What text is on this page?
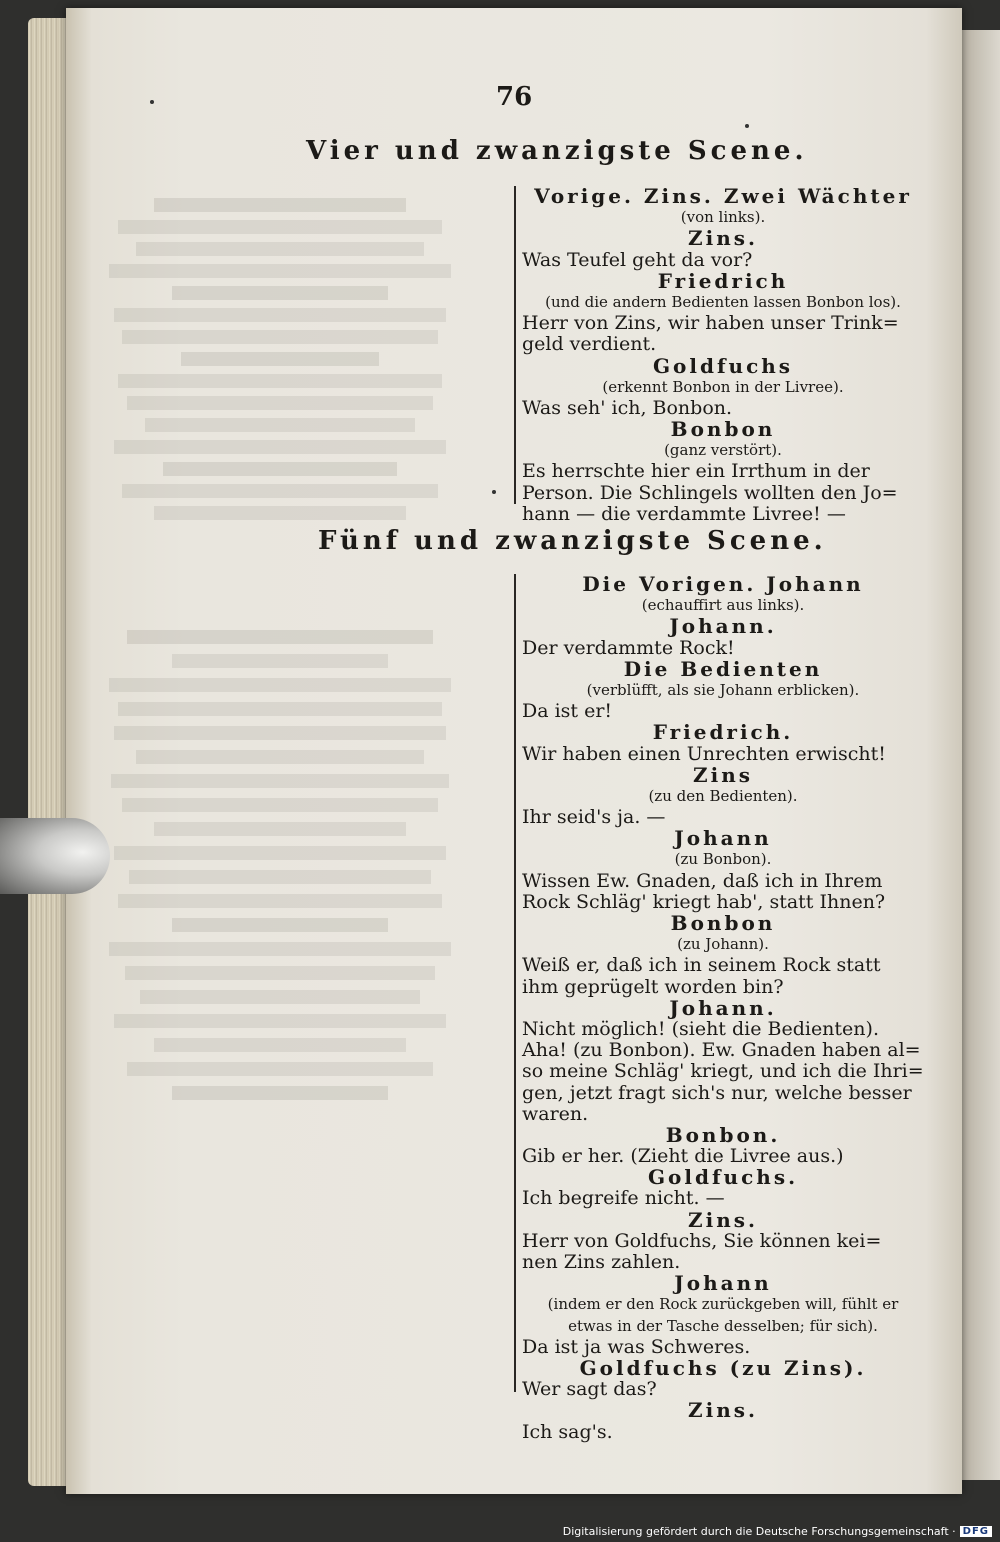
76
Vier und zwanzigste Scene.
Vorige. Zins. Zwei Wächter
(von links).
Zins.
Was Teufel geht da vor?
Friedrich
(und die andern Bedienten lassen Bonbon los).
Herr von Zins, wir haben unser Trink=
geld verdient.
Goldfuchs
(erkennt Bonbon in der Livree).
Was seh' ich, Bonbon.
Bonbon
(ganz verstört).
Es herrschte hier ein Irrthum in der
Person. Die Schlingels wollten den Jo=
hann — die verdammte Livree! —
Fünf und zwanzigste Scene.
Die Vorigen. Johann
(echauffirt aus links).
Johann.
Der verdammte Rock!
Die Bedienten
(verblüfft, als sie Johann erblicken).
Da ist er!
Friedrich.
Wir haben einen Unrechten erwischt!
Zins
(zu den Bedienten).
Ihr seid's ja. —
Johann
(zu Bonbon).
Wissen Ew. Gnaden, daß ich in Ihrem
Rock Schläg' kriegt hab', statt Ihnen?
Bonbon
(zu Johann).
Weiß er, daß ich in seinem Rock statt
ihm geprügelt worden bin?
Johann.
Nicht möglich! (sieht die Bedienten).
Aha! (zu Bonbon). Ew. Gnaden haben al=
so meine Schläg' kriegt, und ich die Ihri=
gen, jetzt fragt sich's nur, welche besser
waren.
Bonbon.
Gib er her. (Zieht die Livree aus.)
Goldfuchs.
Ich begreife nicht. —
Zins.
Herr von Goldfuchs, Sie können kei=
nen Zins zahlen.
Johann
(indem er den Rock zurückgeben will, fühlt er
etwas in der Tasche desselben; für sich).
Da ist ja was Schweres.
Goldfuchs (zu Zins).
Wer sagt das?
Zins.
Ich sag's.
Digitalisierung gefördert durch die Deutsche Forschungsgemeinschaft · DFG
